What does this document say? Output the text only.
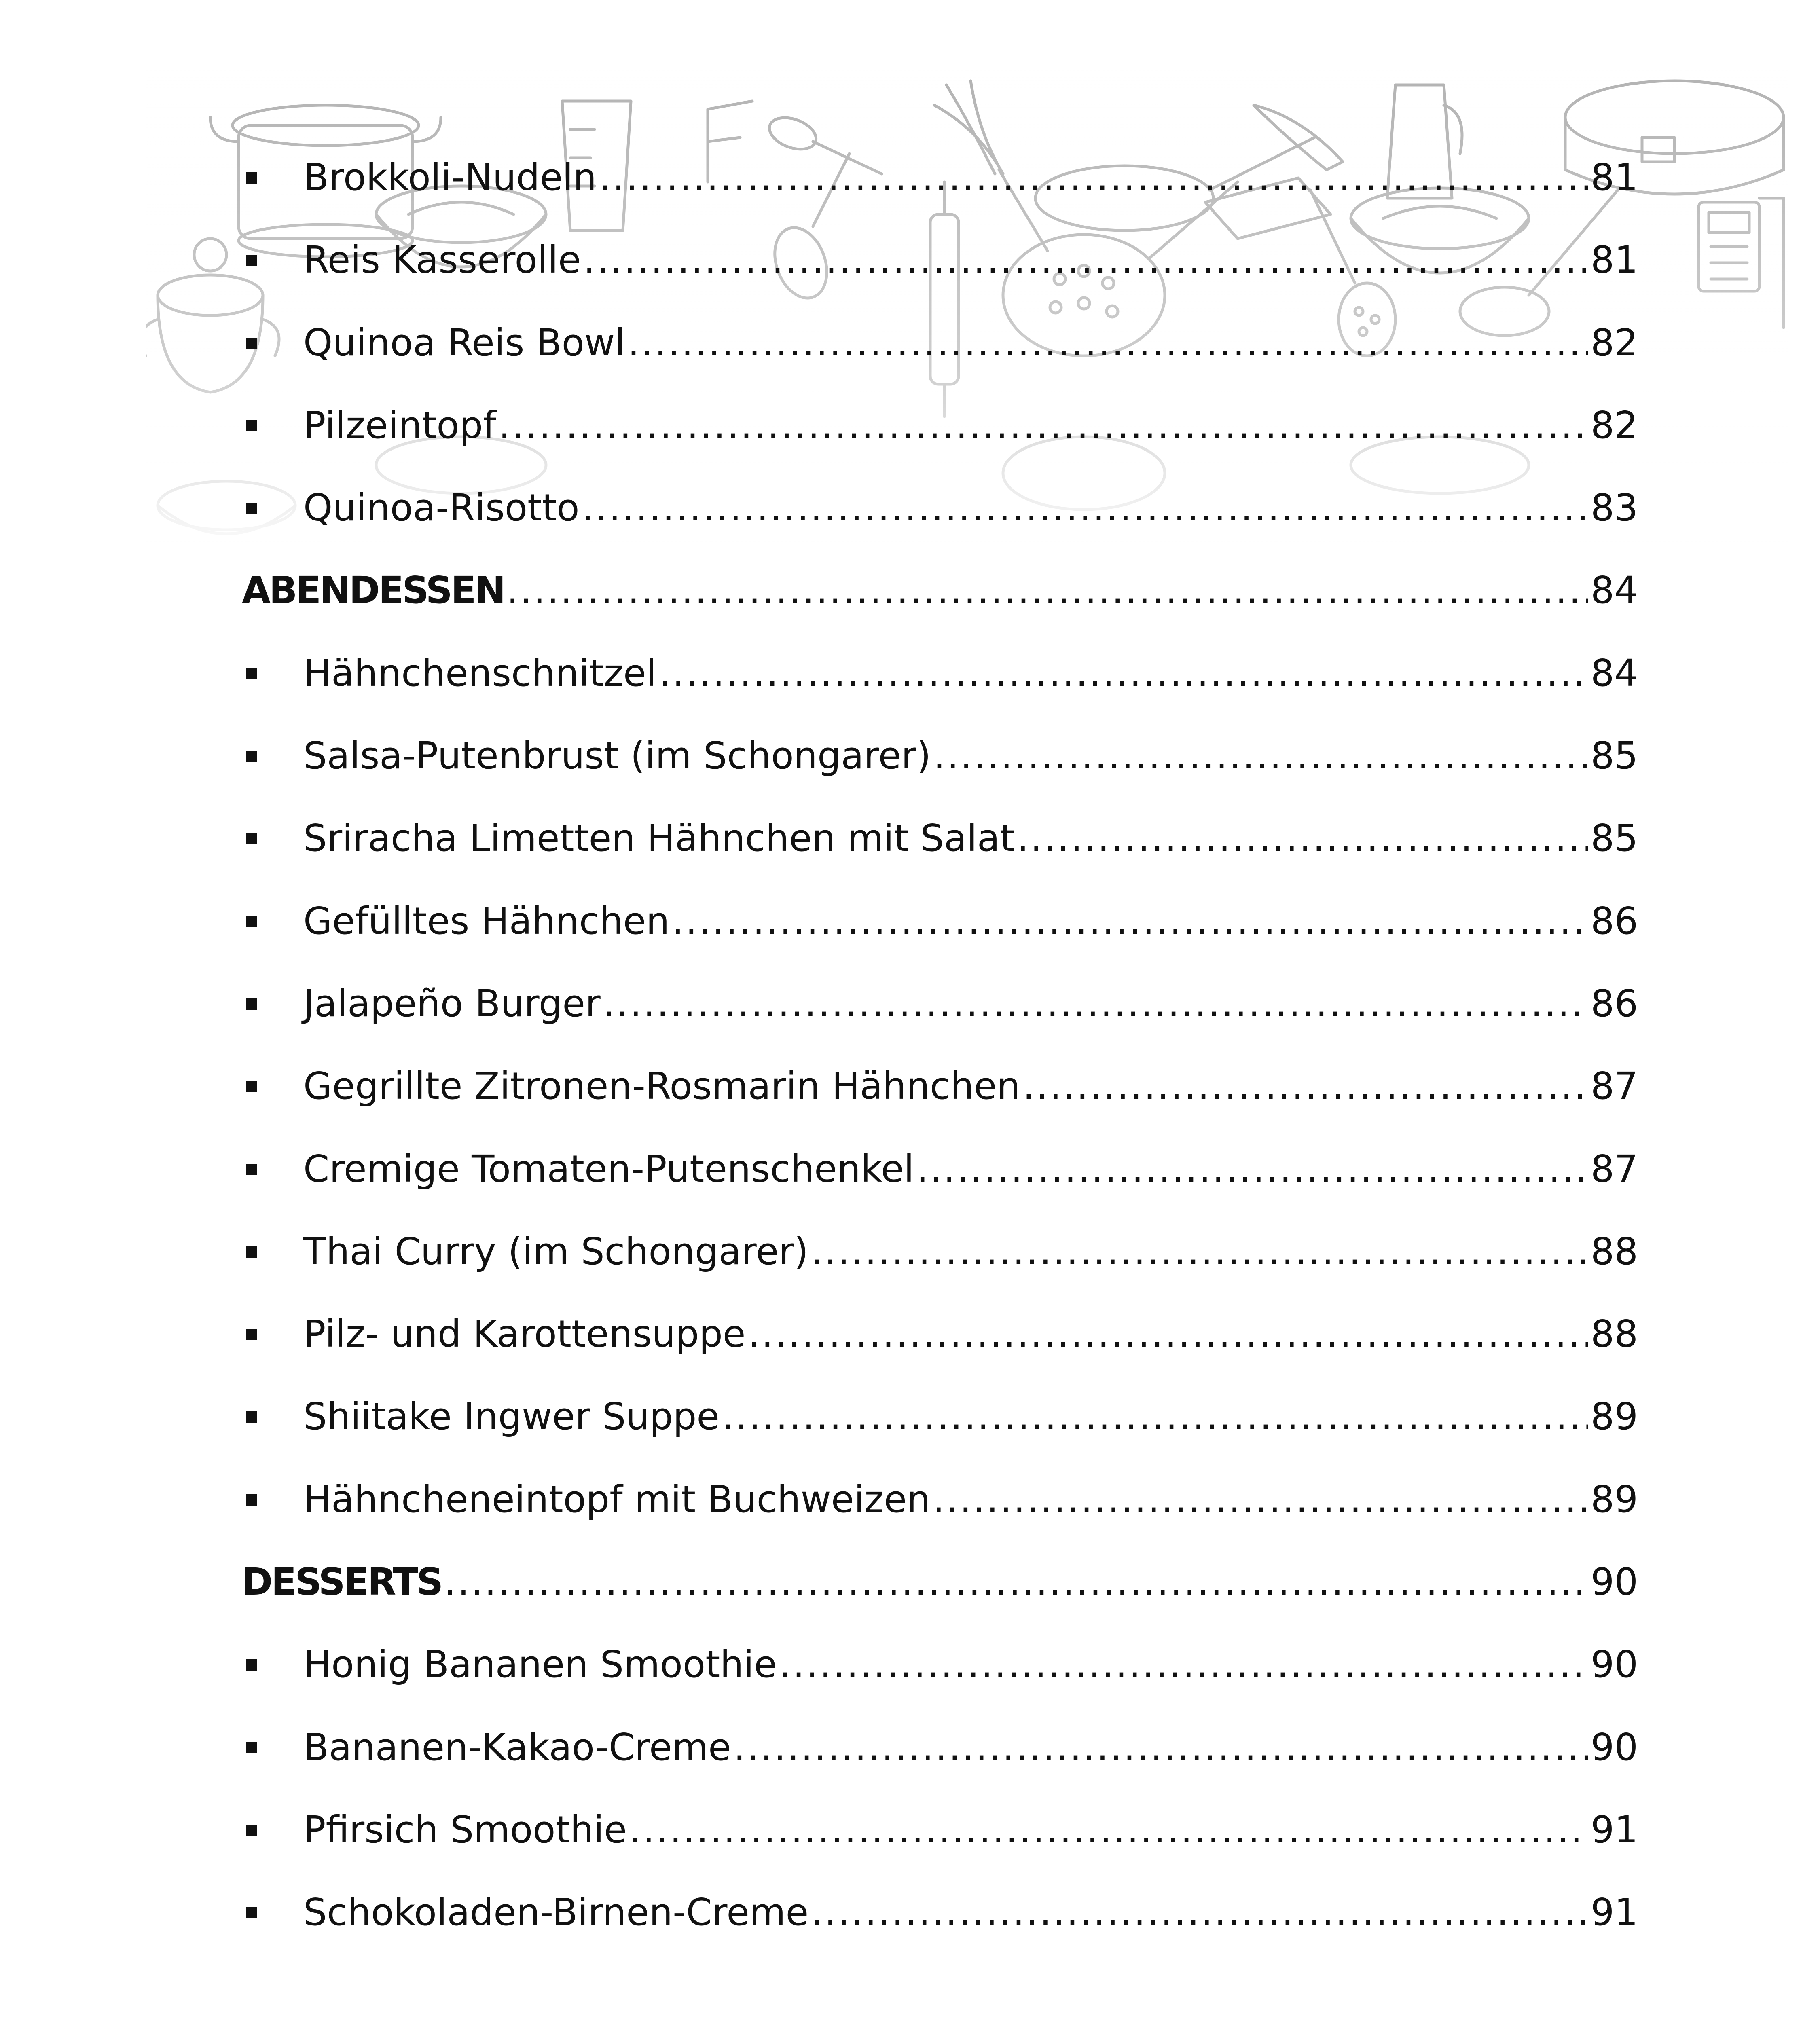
Brokkoli-Nudeln .....	81
Reis Kasserolle .....	81
Quinoa Reis Bowl .....	82
Pilzeintopf .....	82
Quinoa-Risotto .....	83
ABENDESSEN .....	84
Hähnchenschnitzel .....	84
Salsa-Putenbrust (im Schongarer) .....	85
Sriracha Limetten Hähnchen mit Salat .....	85
Gefülltes Hähnchen .....	86
Jalapeño Burger .....	86
Gegrillte Zitronen-Rosmarin Hähnchen .....	87
Cremige Tomaten-Putenschenkel .....	87
Thai Curry (im Schongarer) .....	88
Pilz- und Karottensuppe .....	88
Shiitake Ingwer Suppe .....	89
Hähncheneintopf mit Buchweizen .....	89
DESSERTS .....	90
Honig Bananen Smoothie .....	90
Bananen-Kakao-Creme .....	90
Pfirsich Smoothie .....	91
Schokoladen-Birnen-Creme .....	91
